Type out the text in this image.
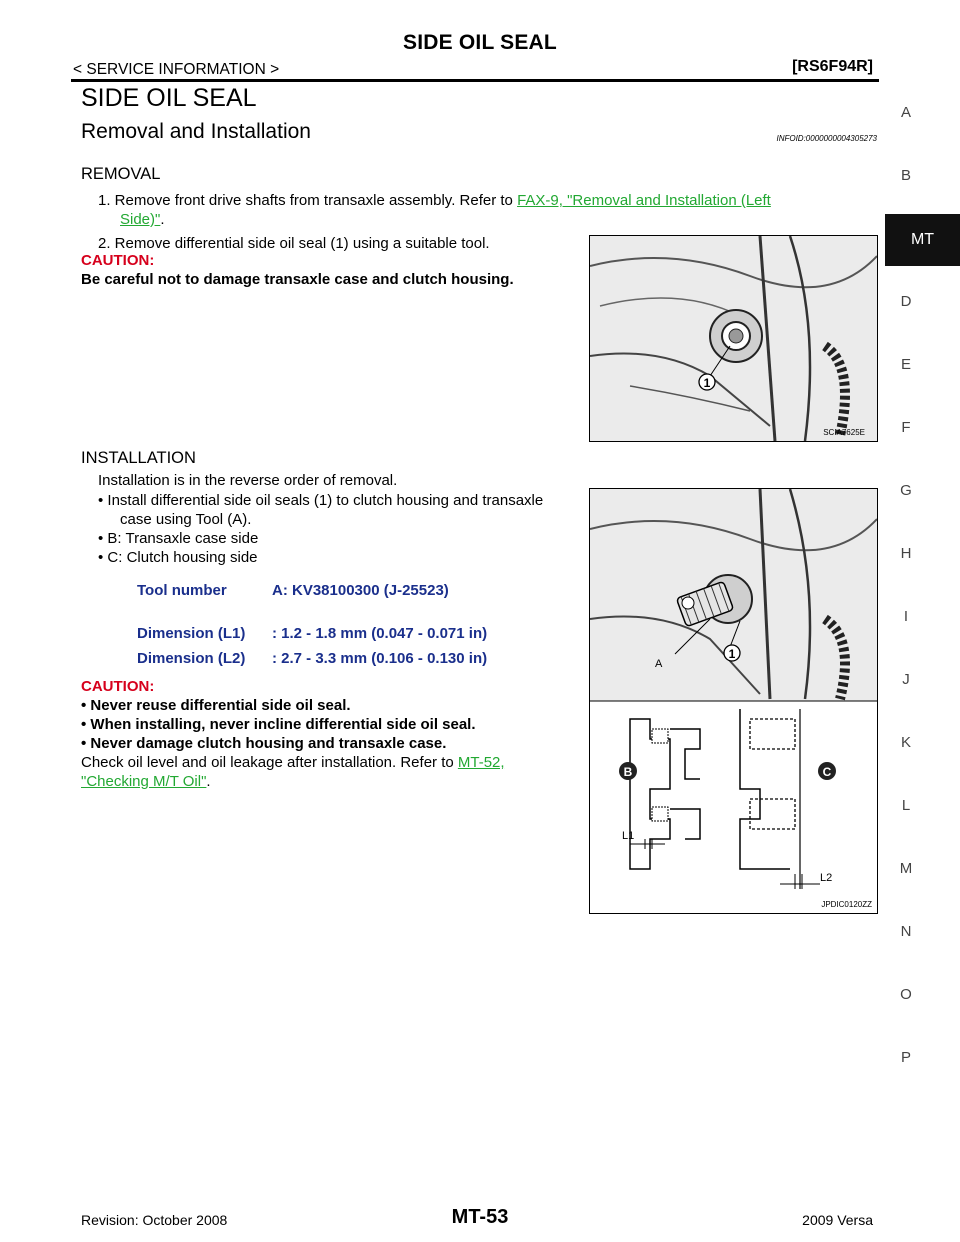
SIDE OIL SEAL
< SERVICE INFORMATION >	[RS6F94R]
SIDE OIL SEAL
Removal and Installation	INFOID:0000000004305273
REMOVAL
1. Remove front drive shafts from transaxle assembly. Refer to FAX-9, "Removal and Installation (Left
Side)".
2. Remove differential side oil seal (1) using a suitable tool.
CAUTION:
Be careful not to damage transaxle case and clutch housing.
1
SCIA7625E
INSTALLATION
Installation is in the reverse order of removal.
• Install differential side oil seals (1) to clutch housing and transaxle
case using Tool (A).
• B: Transaxle case side
• C: Clutch housing side
Tool number	A: KV38100300 (J-25523)
Dimension (L1) : 1.2 - 1.8 mm (0.047 - 0.071 in)
Dimension (L2) : 2.7 - 3.3 mm (0.106 - 0.130 in)
CAUTION:
• Never reuse differential side oil seal.
• When installing, never incline differential side oil seal.
• Never damage clutch housing and transaxle case.
Check oil level and oil leakage after installation. Refer to MT-52,
"Checking M/T Oil".
A
1
B	C
L1
L2
JPDIC0120ZZ
A
B
D
E
F
G
H
I
J
K
L
M
N
O
P
MT
Revision: October 2008	MT-53	2009 Versa
